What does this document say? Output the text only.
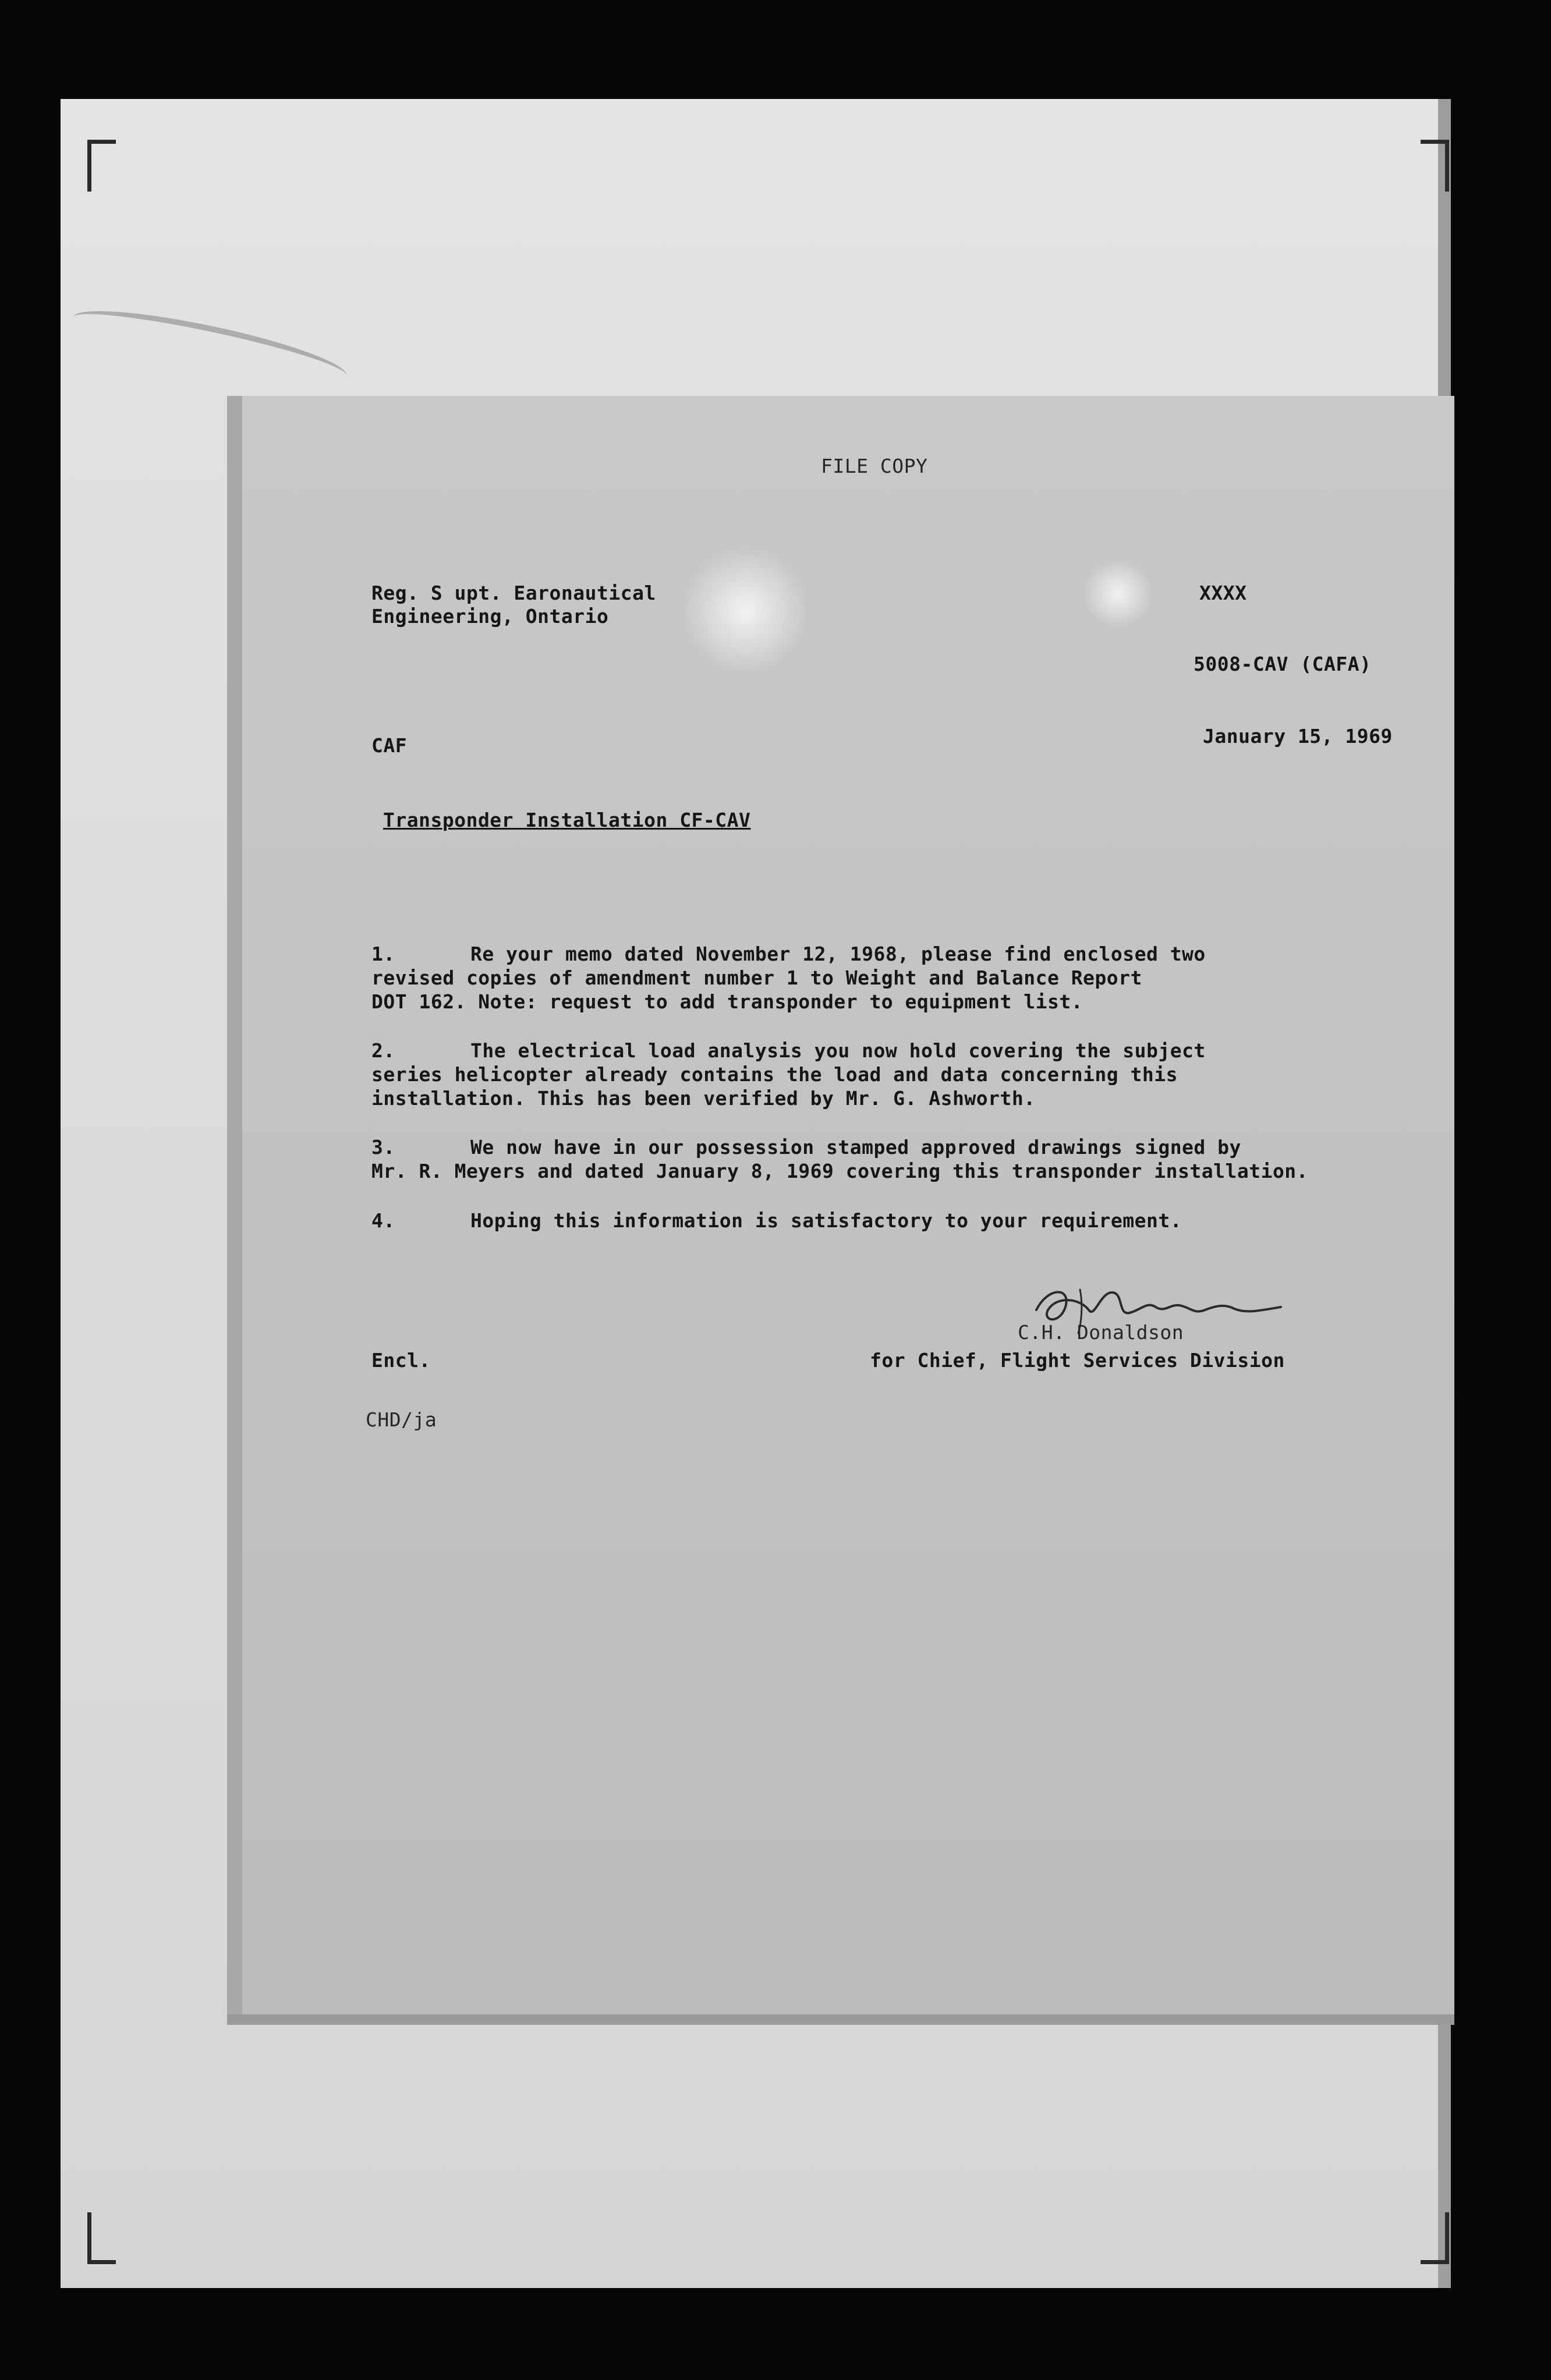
FILE COPY
Reg. S upt. Earonautical
Engineering, Ontario
XXXX
5008-CAV (CAFA)
CAF	January 15, 1969
Transponder Installation CF-CAV
1.	Re your memo dated November 12, 1968, please find enclosed two
revised copies of amendment number 1 to Weight and Balance Report
DOT 162. Note: request to add transponder to equipment list.
2.	The electrical load analysis you now hold covering the subject
series helicopter already contains the load and data concerning this
installation. This has been verified by Mr. G. Ashworth.
3.	We now have in our possession stamped approved drawings signed by
Mr. R. Meyers and dated January 8, 1969 covering this transponder installation.
4.	Hoping this information is satisfactory to your requirement.
C.H. Donaldson
Encl.	for Chief, Flight Services Division
CHD/ja
